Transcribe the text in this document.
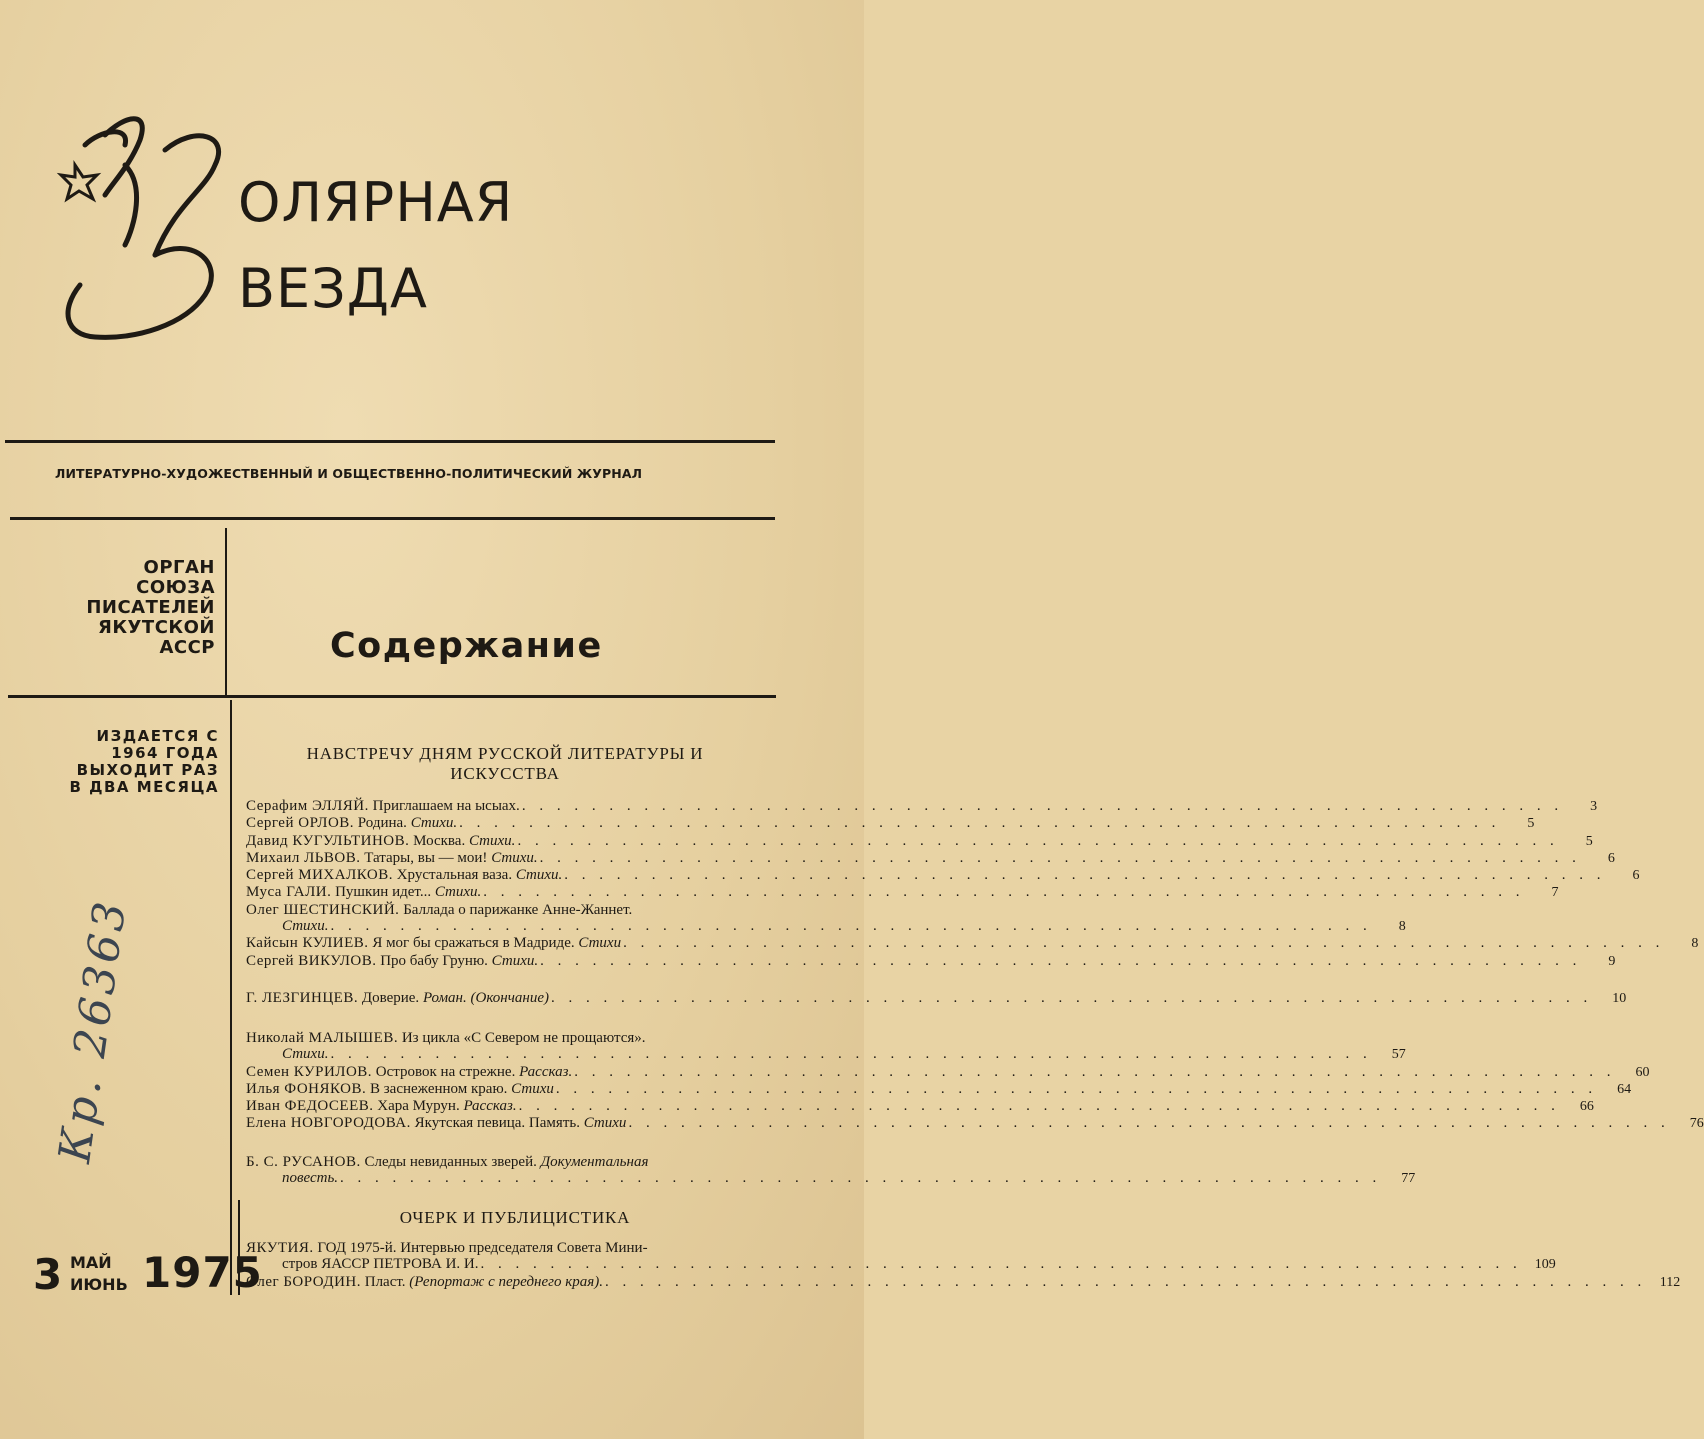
ОЛЯРНАЯ
ВЕЗДА
ЛИТЕРАТУРНО-ХУДОЖЕСТВЕННЫЙ И ОБЩЕСТВЕННО-ПОЛИТИЧЕСКИЙ ЖУРНАЛ
ОРГАН
СОЮЗА
ПИСАТЕЛЕЙ
ЯКУТСКОЙ
АССР	Содержание
ИЗДАЕТСЯ С
1964 ГОДА
ВЫХОДИТ РАЗ
В ДВА МЕСЯЦА
Кр. 26363
3 МАЙ
ИЮНЬ 1975
НАВСТРЕЧУ ДНЯМ РУССКОЙ ЛИТЕРАТУРЫ И
ИСКУССТВА
Серафим ЭЛЛЯЙ. Приглашаем на ысыах. . . . . . . . . . . . . . . . . . . . . . . . . . . . . . . . . . . . . . . . . . . . . . . . . . . . . . . . . . . . .	3
Сергей ОРЛОВ. Родина. Стихи. . . . . . . . . . . . . . . . . . . . . . . . . . . . . . . . . . . . . . . . . . . . . . . . . . . . . . . . . . . . .	5
Давид КУГУЛЬТИНОВ. Москва. Стихи. . . . . . . . . . . . . . . . . . . . . . . . . . . . . . . . . . . . . . . . . . . . . . . . . . . . . . . . . . . . .	5
Михаил ЛЬВОВ. Татары, вы — мои! Стихи. . . . . . . . . . . . . . . . . . . . . . . . . . . . . . . . . . . . . . . . . . . . . . . . . . . . . . . . . . . . .	6
Сергей МИХАЛКОВ. Хрустальная ваза. Стихи. . . . . . . . . . . . . . . . . . . . . . . . . . . . . . . . . . . . . . . . . . . . . . . . . . . . . . . . . . . . .	6
Муса ГАЛИ. Пушкин идет... Стихи. . . . . . . . . . . . . . . . . . . . . . . . . . . . . . . . . . . . . . . . . . . . . . . . . . . . . . . . . . . . .	7
Олег ШЕСТИНСКИЙ. Баллада о парижанке Анне-Жаннет.
Стихи. . . . . . . . . . . . . . . . . . . . . . . . . . . . . . . . . . . . . . . . . . . . . . . . . . . . . . . . . . . . .	8
Кайсын КУЛИЕВ. Я мог бы сражаться в Мадриде. Стихи . . . . . . . . . . . . . . . . . . . . . . . . . . . . . . . . . . . . . . . . . . . . . . . . . . . . . . . . . . . .	8
Сергей ВИКУЛОВ. Про бабу Груню. Стихи. . . . . . . . . . . . . . . . . . . . . . . . . . . . . . . . . . . . . . . . . . . . . . . . . . . . . . . . . . . . .	9
Г. ЛЕЗГИНЦЕВ. Доверие. Роман. (Окончание) . . . . . . . . . . . . . . . . . . . . . . . . . . . . . . . . . . . . . . . . . . . . . . . . . . . . . . . . . . . .	10
Николай МАЛЫШЕВ. Из цикла «С Севером не прощаются».
Стихи. . . . . . . . . . . . . . . . . . . . . . . . . . . . . . . . . . . . . . . . . . . . . . . . . . . . . . . . . . . . .	57
Семен КУРИЛОВ. Островок на стрежне. Рассказ. . . . . . . . . . . . . . . . . . . . . . . . . . . . . . . . . . . . . . . . . . . . . . . . . . . . . . . . . . . . .	60
Илья ФОНЯКОВ. В заснеженном краю. Стихи . . . . . . . . . . . . . . . . . . . . . . . . . . . . . . . . . . . . . . . . . . . . . . . . . . . . . . . . . . . .	64
Иван ФЕДОСЕЕВ. Хара Мурун. Рассказ. . . . . . . . . . . . . . . . . . . . . . . . . . . . . . . . . . . . . . . . . . . . . . . . . . . . . . . . . . . . .	66
Елена НОВГОРОДОВА. Якутская певица. Память. Стихи . . . . . . . . . . . . . . . . . . . . . . . . . . . . . . . . . . . . . . . . . . . . . . . . . . . . . . . . . . . .	76
Б. С. РУСАНОВ. Следы невиданных зверей. Документальная
повесть. . . . . . . . . . . . . . . . . . . . . . . . . . . . . . . . . . . . . . . . . . . . . . . . . . . . . . . . . . . . .	77
ОЧЕРК И ПУБЛИЦИСТИКА
ЯКУТИЯ. ГОД 1975-й. Интервью председателя Совета Мини-
стров ЯАССР ПЕТРОВА И. И. . . . . . . . . . . . . . . . . . . . . . . . . . . . . . . . . . . . . . . . . . . . . . . . . . . . . . . . . . . . . 109
Олег БОРОДИН. Пласт. (Репортаж с переднего края). . . . . . . . . . . . . . . . . . . . . . . . . . . . . . . . . . . . . . . . . . . . . . . . . . . . . . . . . . . . . 112
